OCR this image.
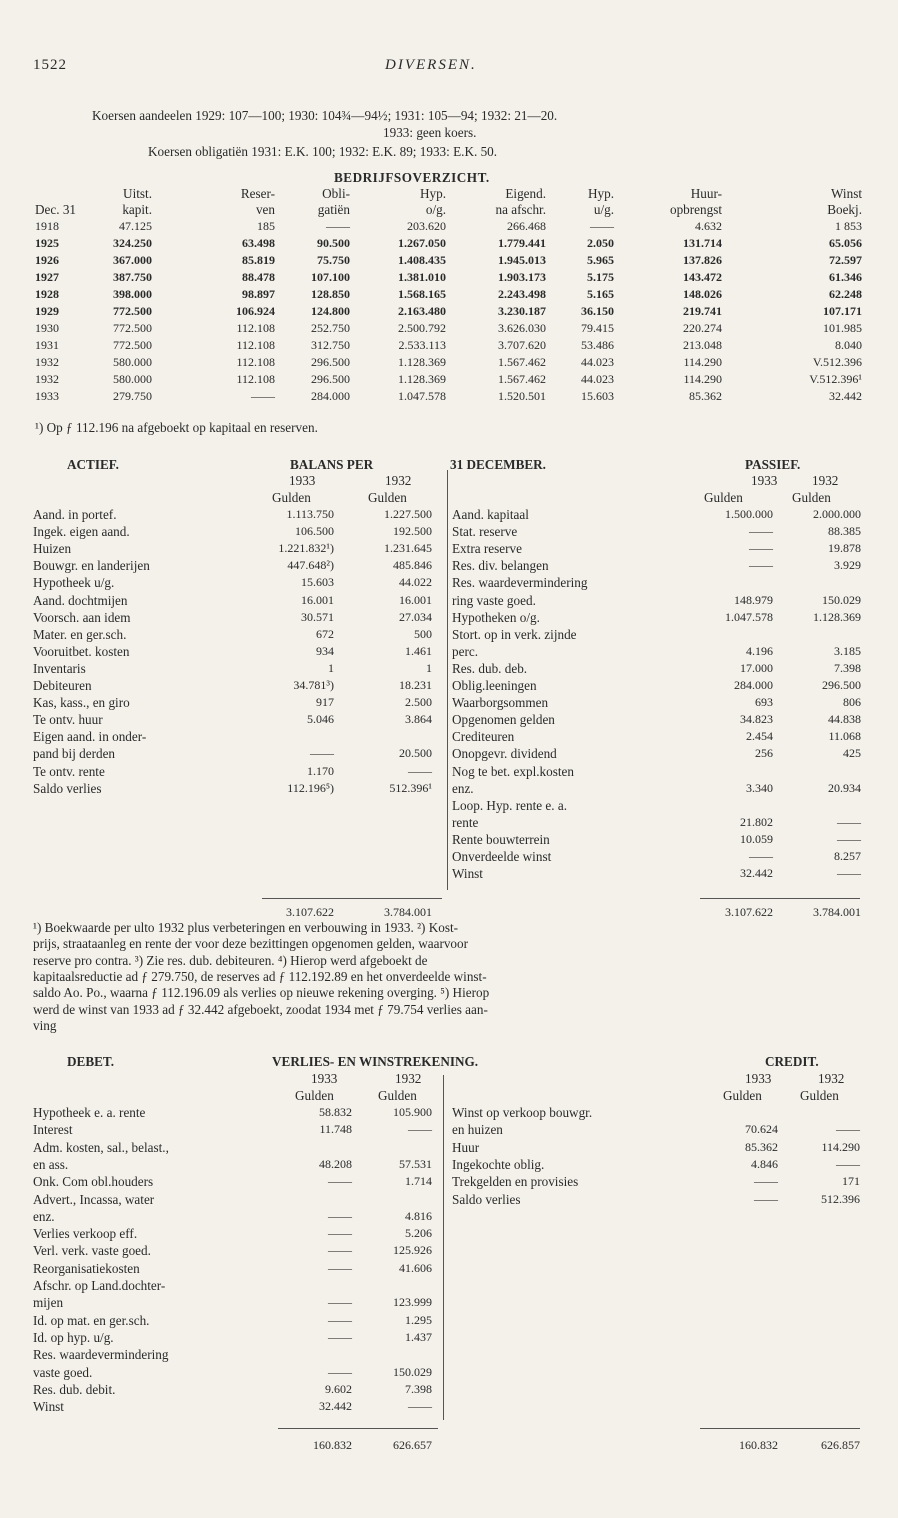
1522	DIVERSEN.
Koersen aandeelen 1929: 107—100; 1930: 104¾—94½; 1931: 105—94; 1932: 21—20.
1933: geen koers.
Koersen obligatiën 1931: E.K. 100; 1932: E.K. 89; 1933: E.K. 50.
BEDRIJFSOVERZICHT.
Uitst.	Reser-	Obli-	Hyp.	Eigend.	Hyp.	Huur-	Winst
Dec. 31	kapit.	ven	gatiën	o/g.	na afschr.	u/g.	opbrengst	Boekj.
1918	47.125	185	——	203.620	266.468	——	4.632	1 853
1925	324.250	63.498	90.500	1.267.050	1.779.441	2.050	131.714	65.056
1926	367.000	85.819	75.750	1.408.435	1.945.013	5.965	137.826	72.597
1927	387.750	88.478	107.100	1.381.010	1.903.173	5.175	143.472	61.346
1928	398.000	98.897	128.850	1.568.165	2.243.498	5.165	148.026	62.248
1929	772.500	106.924	124.800	2.163.480	3.230.187	36.150	219.741	107.171
1930	772.500	112.108	252.750	2.500.792	3.626.030	79.415	220.274	101.985
1931	772.500	112.108	312.750	2.533.113	3.707.620	53.486	213.048	8.040
1932	580.000	112.108	296.500	1.128.369	1.567.462	44.023	114.290	V.512.396
1932	580.000	112.108	296.500	1.128.369	1.567.462	44.023	114.290	V.512.396¹
1933	279.750	——	284.000	1.047.578	1.520.501	15.603	85.362	32.442
¹) Op ƒ 112.196 na afgeboekt op kapitaal en reserven.
ACTIEF.	BALANS PER	31 DECEMBER.	PASSIEF.
1933	1932	1933	1932
Gulden	Gulden	Gulden	Gulden
Aand. in portef.	1.113.750	1.227.500
Ingek. eigen aand.	106.500	192.500
Huizen	1.221.832¹)	1.231.645
Bouwgr. en landerijen	447.648²)	485.846
Hypotheek u/g.	15.603	44.022
Aand. dochtmijen	16.001	16.001
Voorsch. aan idem	30.571	27.034
Mater. en ger.sch.	672	500
Vooruitbet. kosten	934	1.461
Inventaris	1	1
Debiteuren	34.781³)	18.231
Kas, kass., en giro	917	2.500
Te ontv. huur	5.046	3.864
Eigen aand. in onder-
pand bij derden	——	20.500
Te ontv. rente	1.170	——
Saldo verlies	112.196⁵)	512.396¹
Aand. kapitaal	1.500.000	2.000.000
Stat. reserve	——	88.385
Extra reserve	——	19.878
Res. div. belangen	——	3.929
Res. waardevermindering
ring vaste goed.	148.979	150.029
Hypotheken o/g.	1.047.578	1.128.369
Stort. op in verk. zijnde
perc.	4.196	3.185
Res. dub. deb.	17.000	7.398
Oblig.leeningen	284.000	296.500
Waarborgsommen	693	806
Opgenomen gelden	34.823	44.838
Crediteuren	2.454	11.068
Onopgevr. dividend	256	425
Nog te bet. expl.kosten
enz.	3.340	20.934
Loop. Hyp. rente e. a.
rente	21.802	——
Rente bouwterrein	10.059	——
Onverdeelde winst	——	8.257
Winst	32.442	——
3.107.622	3.784.001	3.107.622	3.784.001
¹) Boekwaarde per ulto 1932 plus verbeteringen en verbouwing in 1933. ²) Kost-
prijs, straataanleg en rente der voor deze bezittingen opgenomen gelden, waarvoor
reserve pro contra. ³) Zie res. dub. debiteuren. ⁴) Hierop werd afgeboekt de
kapitaalsreductie ad ƒ 279.750, de reserves ad ƒ 112.192.89 en het onverdeelde winst-
saldo Ao. Po., waarna ƒ 112.196.09 als verlies op nieuwe rekening overging. ⁵) Hierop
werd de winst van 1933 ad ƒ 32.442 afgeboekt, zoodat 1934 met ƒ 79.754 verlies aan-
ving
DEBET.	VERLIES- EN WINSTREKENING.	CREDIT.
1933	1932	1933	1932
Gulden	Gulden	Gulden	Gulden
Hypotheek e. a. rente	58.832	105.900
Interest	11.748	——
Adm. kosten, sal., belast.,
en ass.	48.208	57.531
Onk. Com obl.houders	——	1.714
Advert., Incassa, water
enz.	——	4.816
Verlies verkoop eff.	——	5.206
Verl. verk. vaste goed.	——	125.926
Reorganisatiekosten	——	41.606
Afschr. op Land.dochter-
mijen	——	123.999
Id. op mat. en ger.sch.	——	1.295
Id. op hyp. u/g.	——	1.437
Res. waardevermindering
vaste goed.	——	150.029
Res. dub. debit.	9.602	7.398
Winst	32.442	——
Winst op verkoop bouwgr.
en huizen	70.624	——
Huur	85.362	114.290
Ingekochte oblig.	4.846	——
Trekgelden en provisies	——	171
Saldo verlies	——	512.396
160.832	626.657	160.832	626.857
